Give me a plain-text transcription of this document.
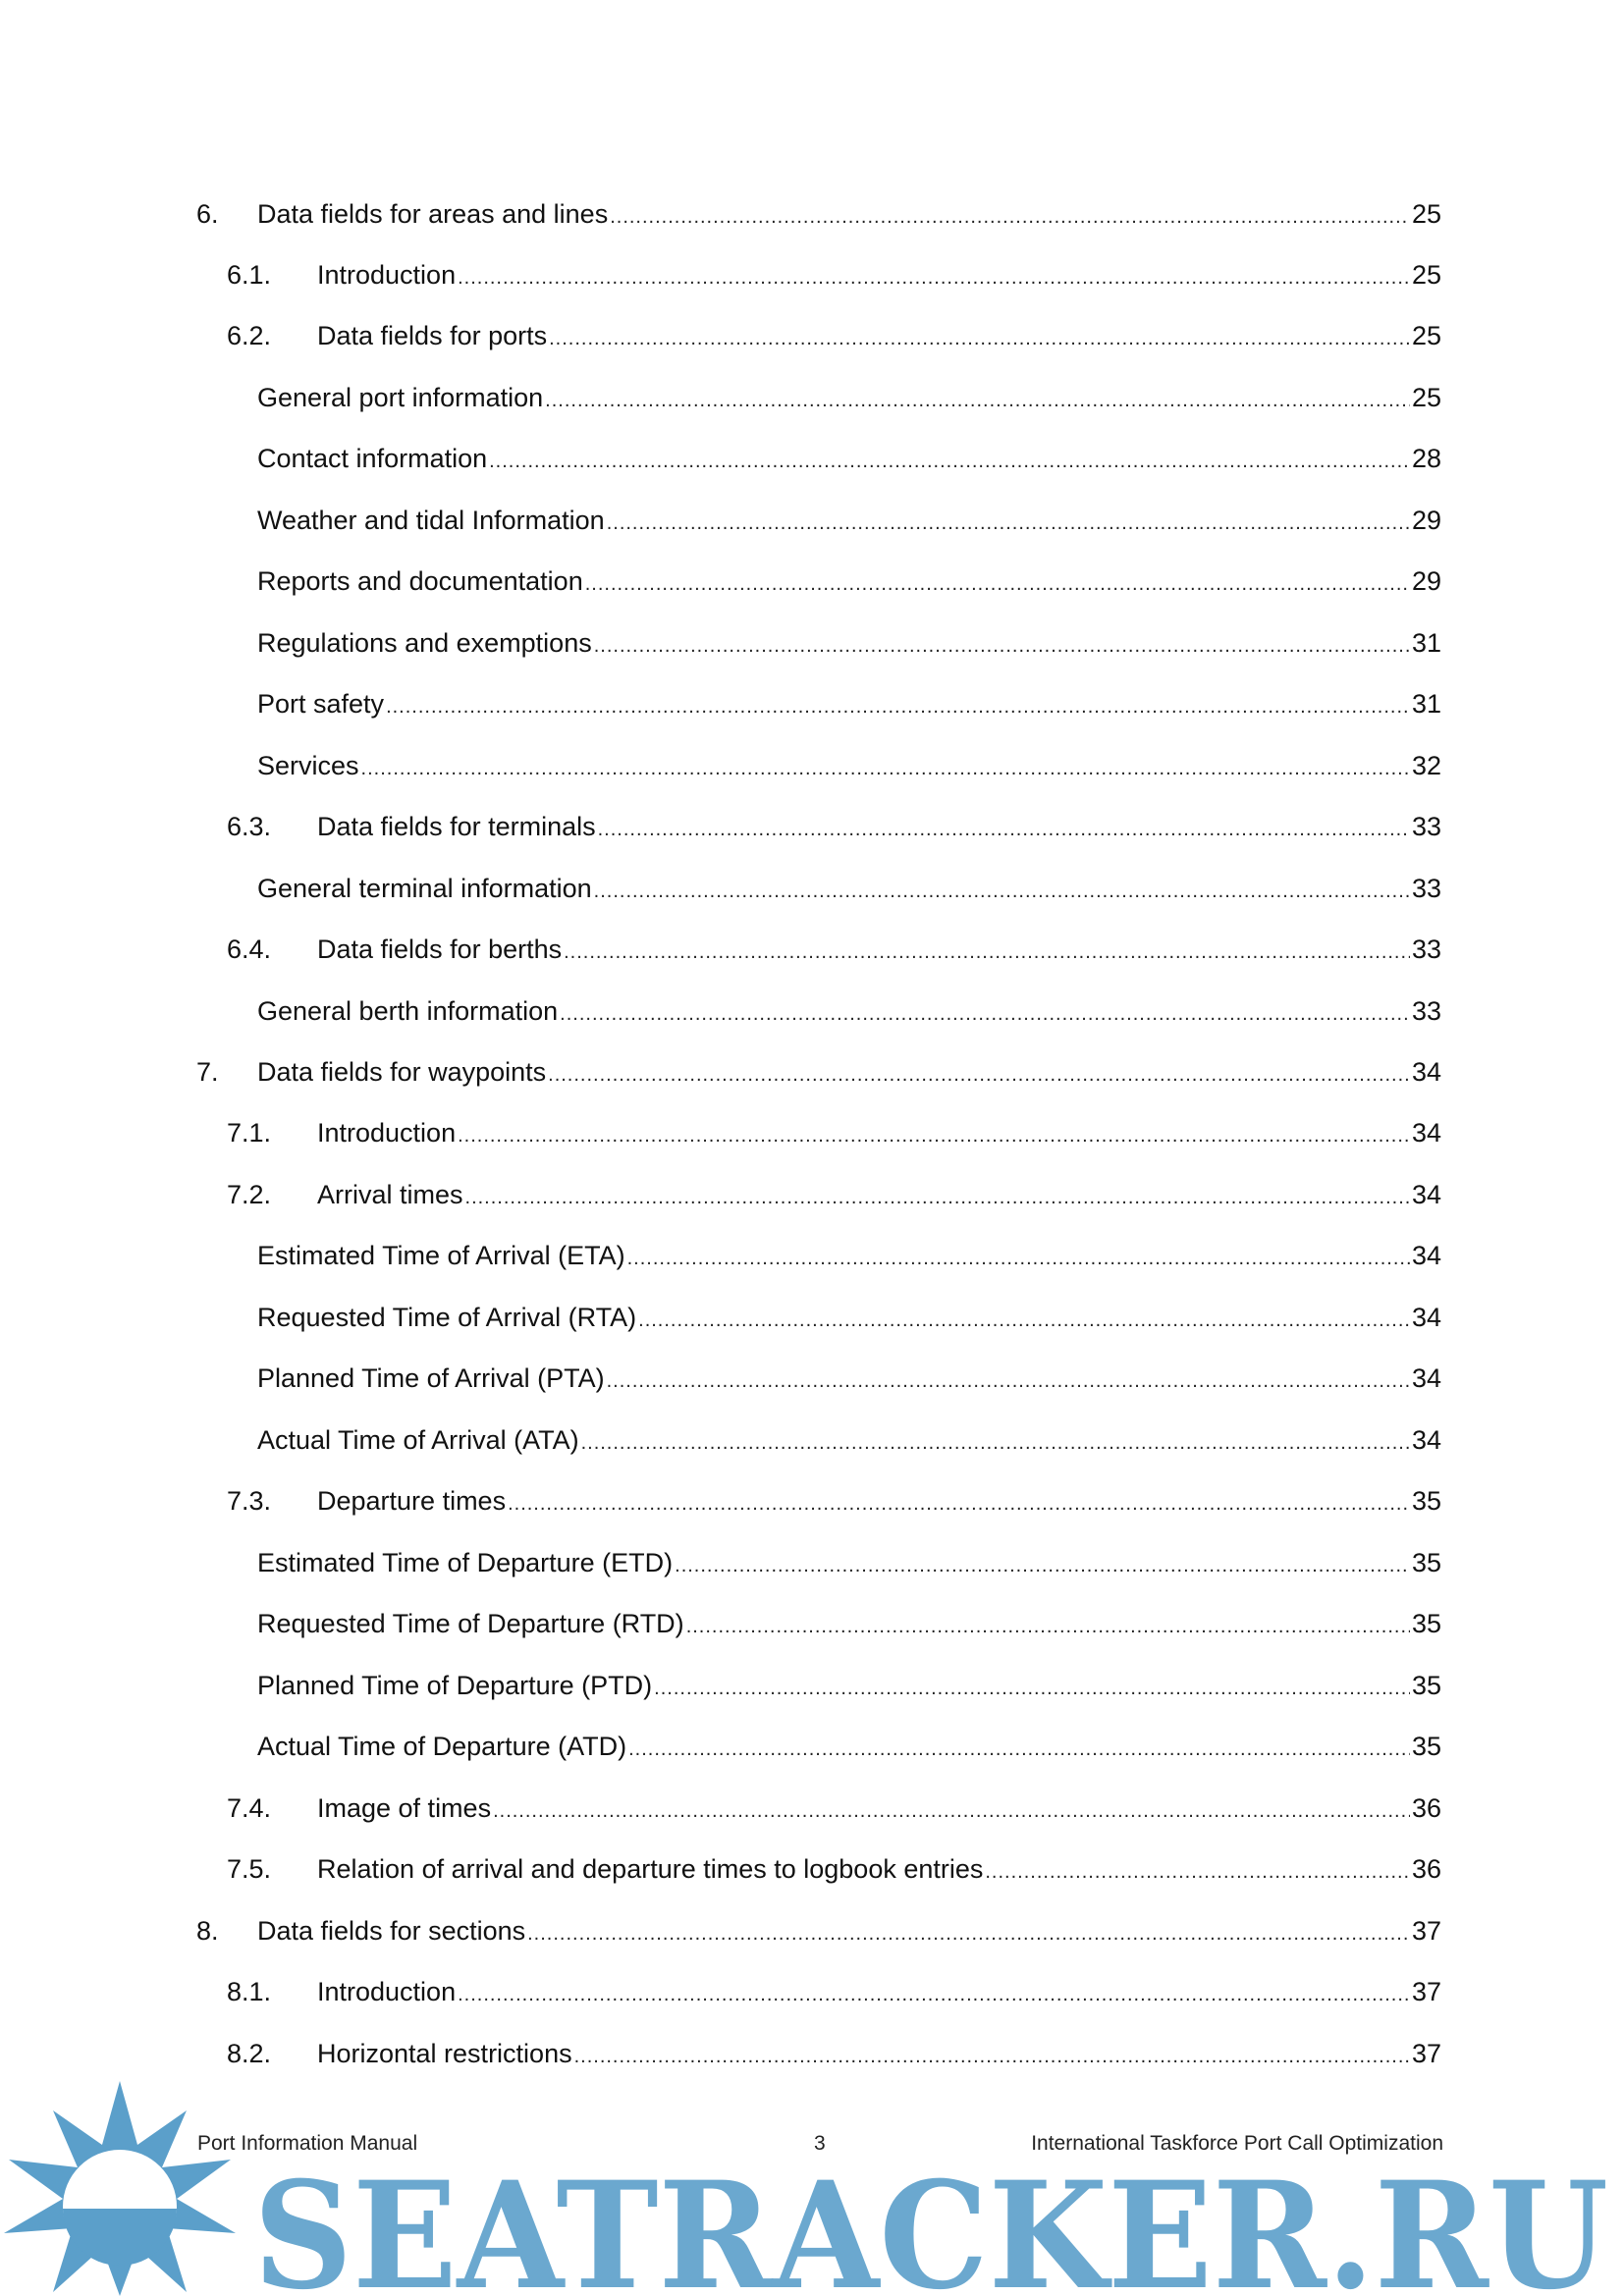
6.	Data fields for areas and lines .....	25
6.1.	Introduction .....	25
6.2.	Data fields for ports .....	25
General port information .....	25
Contact information .....	28
Weather and tidal Information .....	29
Reports and documentation .....	29
Regulations and exemptions .....	31
Port safety .....	31
Services .....	32
6.3.	Data fields for terminals .....	33
General terminal information .....	33
6.4.	Data fields for berths .....	33
General berth information .....	33
7.	Data fields for waypoints .....	34
7.1.	Introduction .....	34
7.2.	Arrival times .....	34
Estimated Time of Arrival (ETA) .....	34
Requested Time of Arrival (RTA) .....	34
Planned Time of Arrival (PTA) .....	34
Actual Time of Arrival (ATA) .....	34
7.3.	Departure times .....	35
Estimated Time of Departure (ETD) .....	35
Requested Time of Departure (RTD) .....	35
Planned Time of Departure (PTD) .....	35
Actual Time of Departure (ATD) .....	35
7.4.	Image of times .....	36
7.5.	Relation of arrival and departure times to logbook entries .....	36
8.	Data fields for sections .....	37
8.1.	Introduction .....	37
8.2.	Horizontal restrictions .....	37
SEATRACKER.RU
Port Information Manual	3	International Taskforce Port Call Optimization
